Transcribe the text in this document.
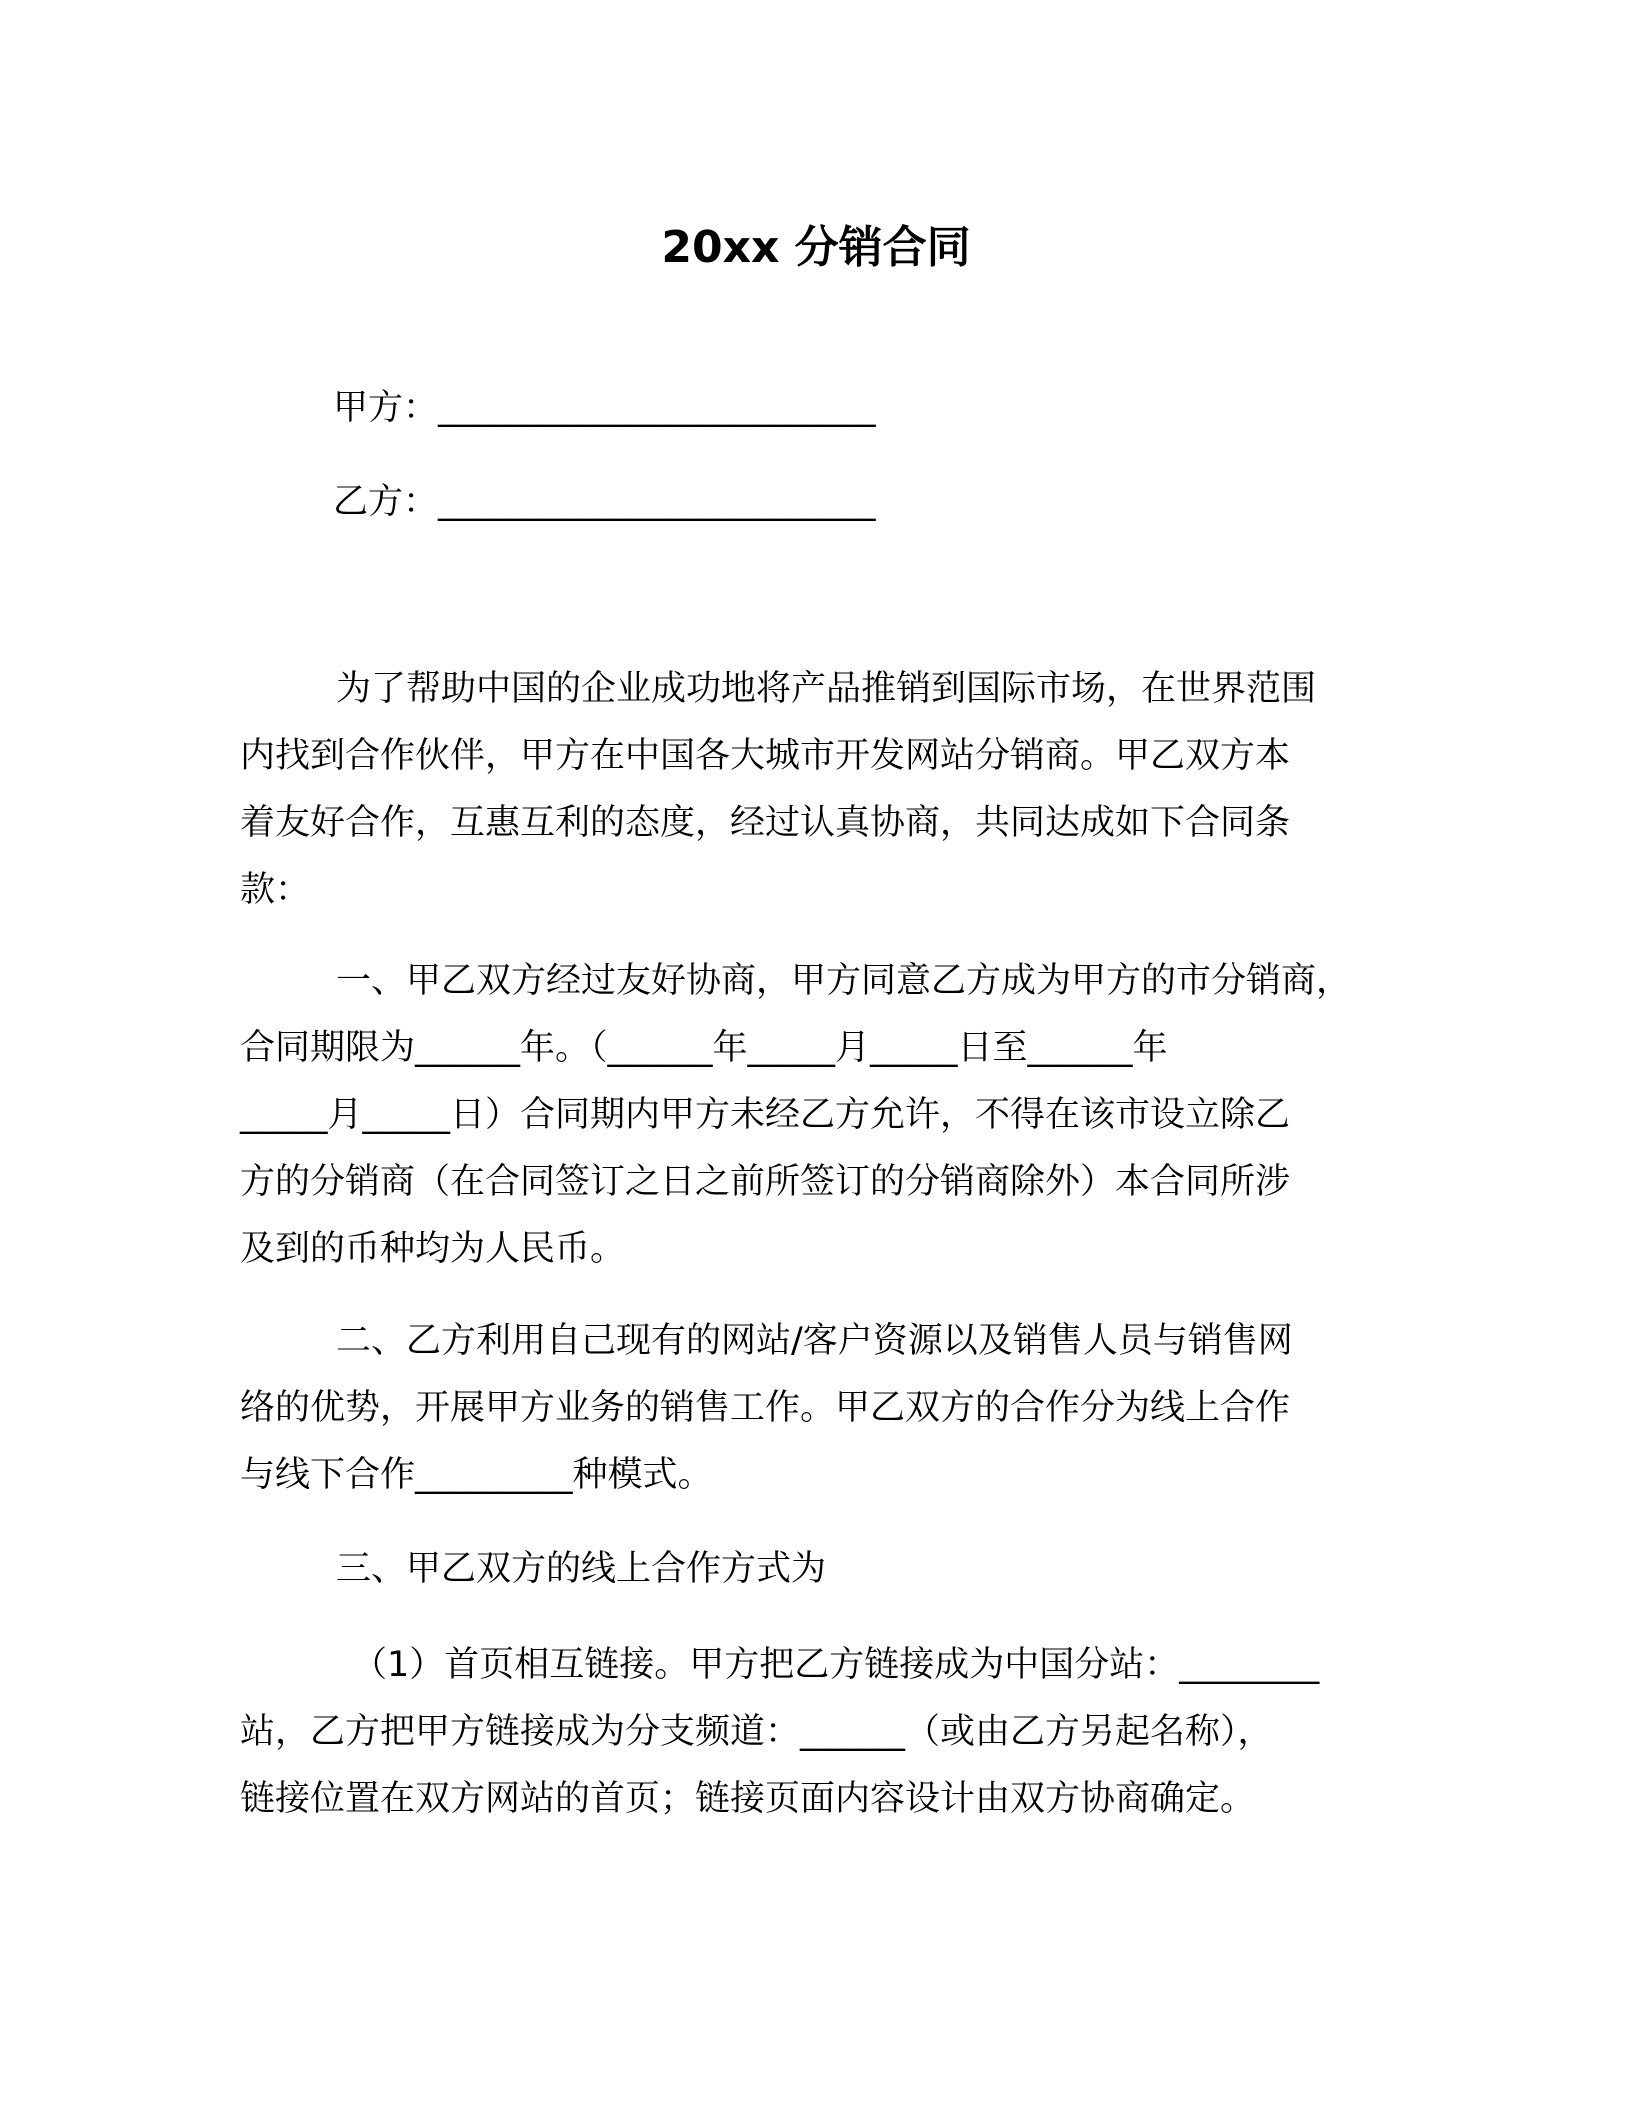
20xx 分销合同
甲方：_________________________
乙方：_________________________
为了帮助中国的企业成功地将产品推销到国际市场，在世界范围
内找到合作伙伴，甲方在中国各大城市开发网站分销商。甲乙双方本
着友好合作，互惠互利的态度，经过认真协商，共同达成如下合同条
款：
一、甲乙双方经过友好协商，甲方同意乙方成为甲方的市分销商，
合同期限为______年。（______年_____月_____日至______年
_____月_____日）合同期内甲方未经乙方允许，不得在该市设立除乙
方的分销商（在合同签订之日之前所签订的分销商除外）本合同所涉
及到的币种均为人民币。
二、乙方利用自己现有的网站/客户资源以及销售人员与销售网
络的优势，开展甲方业务的销售工作。甲乙双方的合作分为线上合作
与线下合作_________种模式。
三、甲乙双方的线上合作方式为
（1）首页相互链接。甲方把乙方链接成为中国分站：________
站，乙方把甲方链接成为分支频道：______（或由乙方另起名称），
链接位置在双方网站的首页；链接页面内容设计由双方协商确定。
